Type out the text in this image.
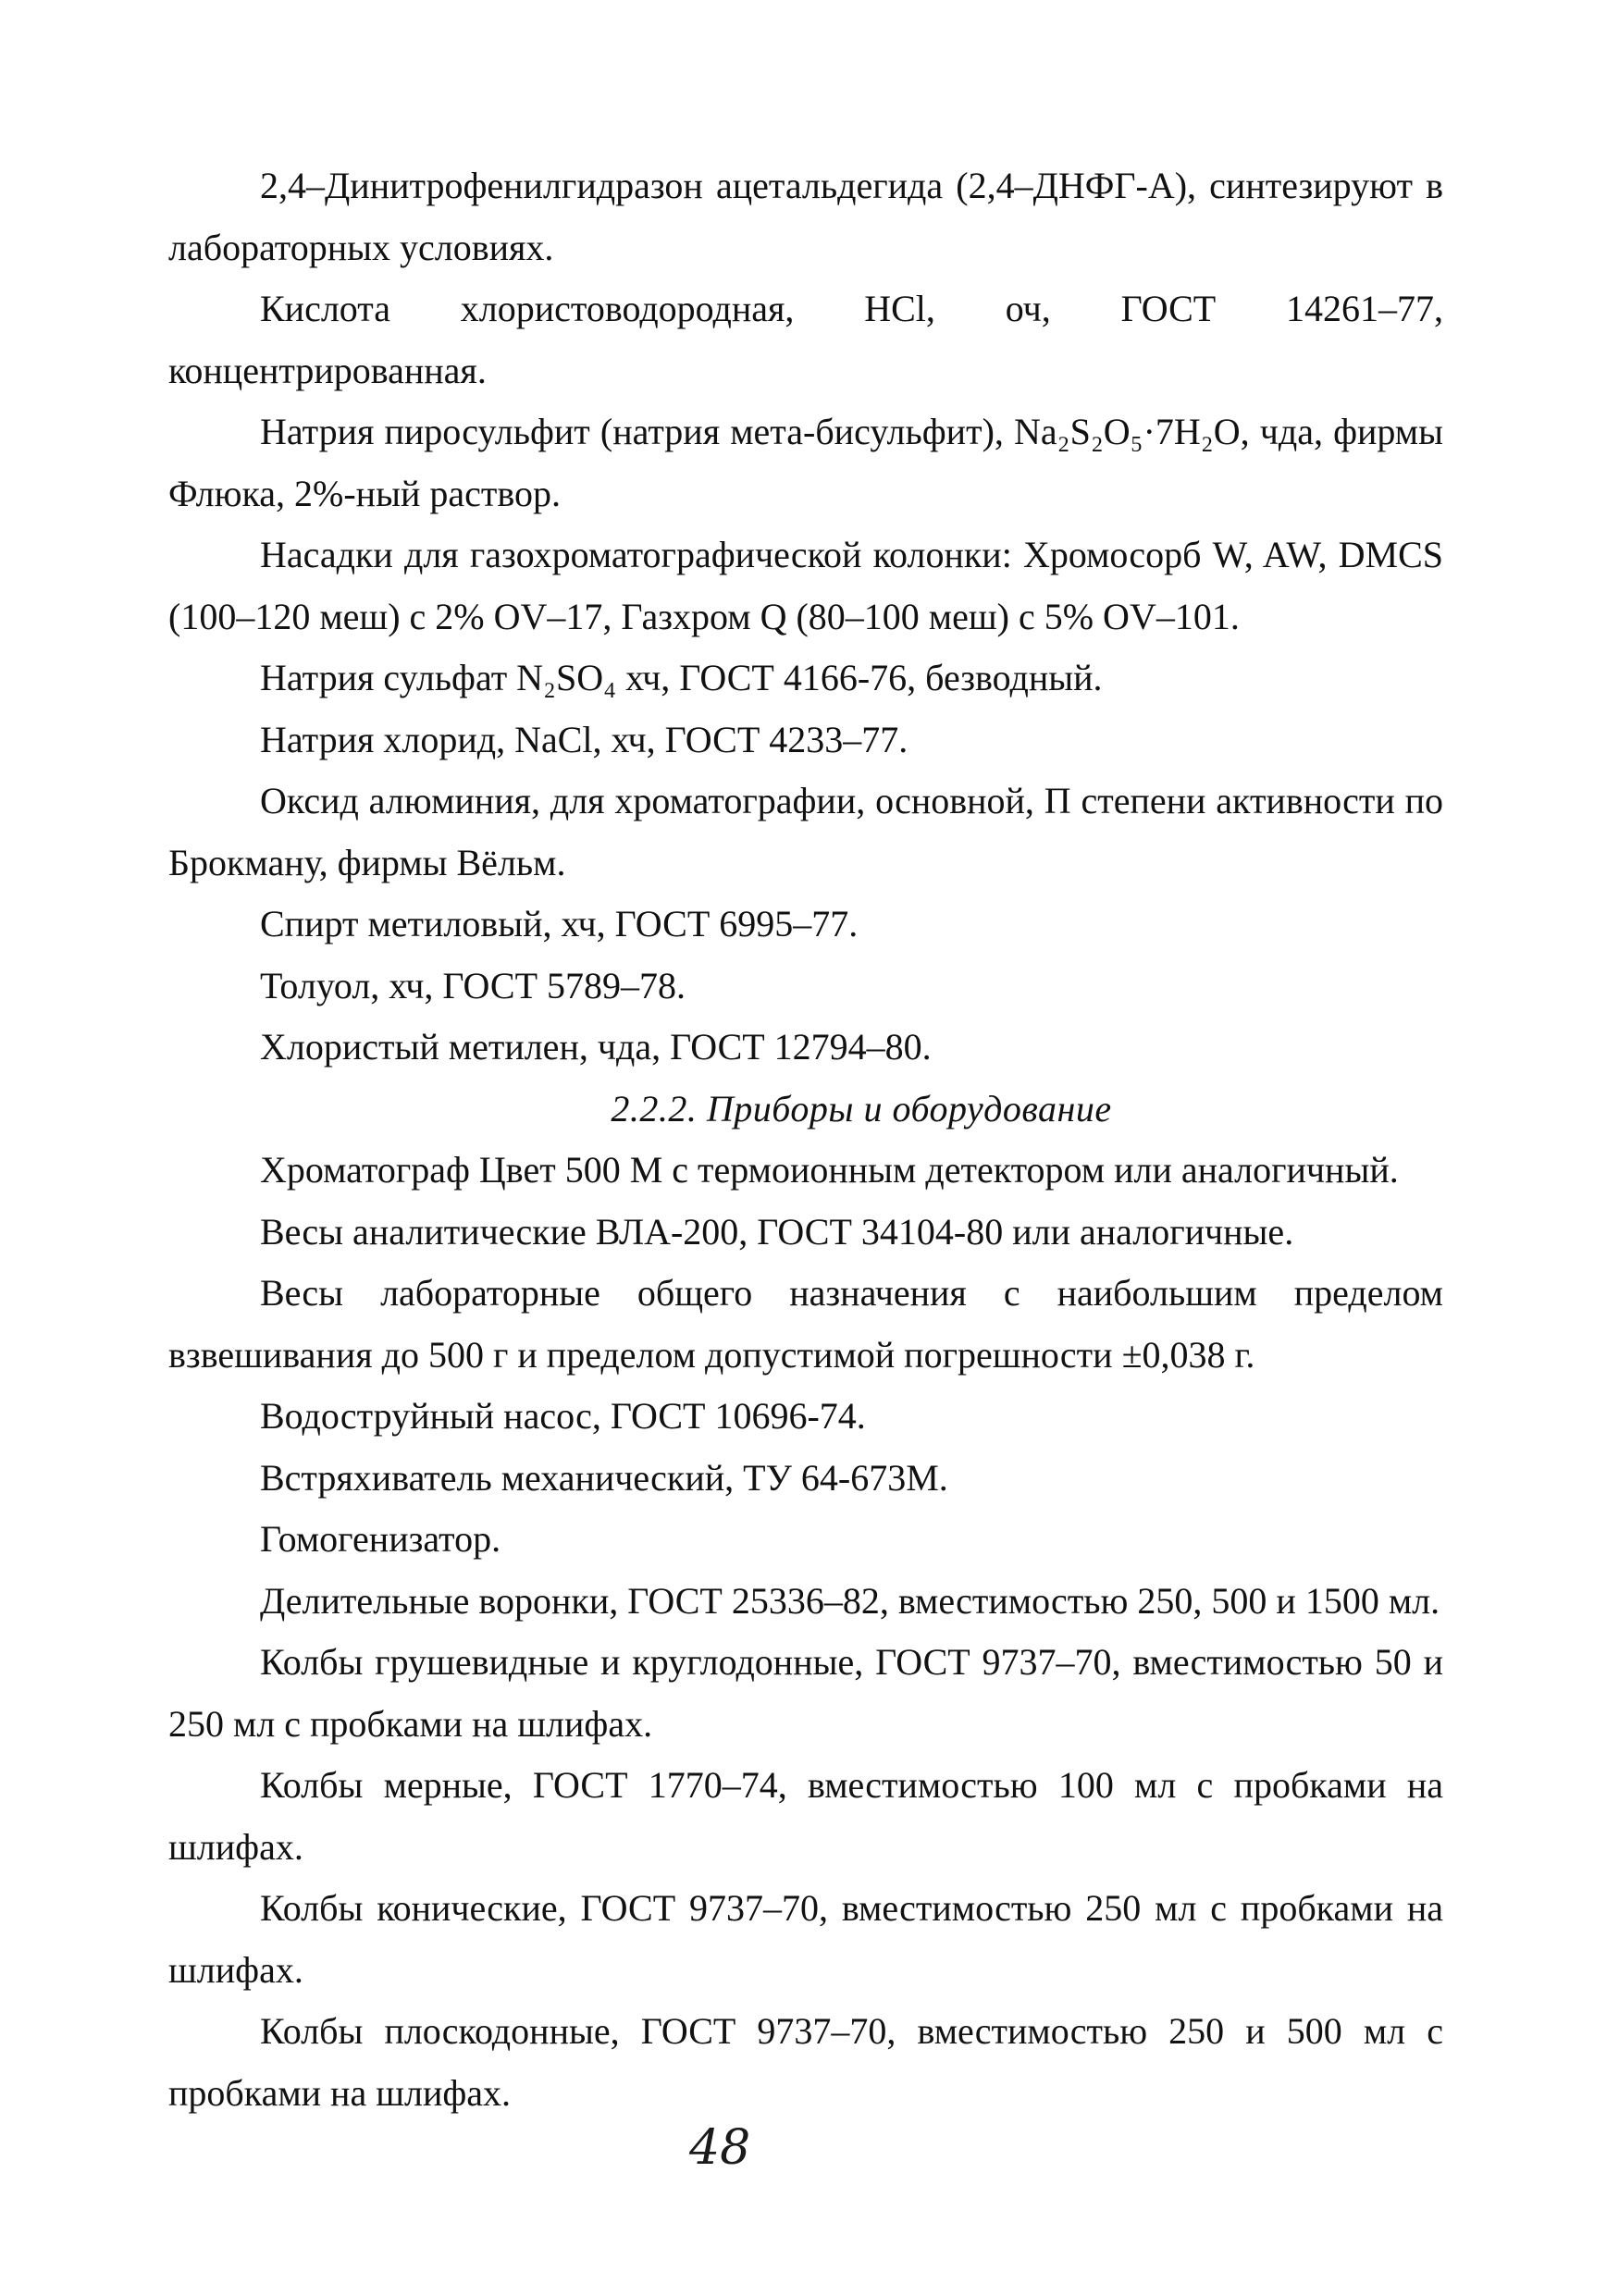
2,4–Динитрофенилгидразон ацетальдегида (2,4–ДНФГ-А), синтезируют в лабораторных условиях.

Кислота хлористоводородная, HCl, оч, ГОСТ 14261–77, концентрированная.

Натрия пиросульфит (натрия мета-бисульфит), Na₂S₂O₅·7H₂O, чда, фирмы Флюка, 2%-ный раствор.

Насадки для газохроматографической колонки: Хромосорб W, AW, DMCS (100–120 меш) с 2% OV–17, Газхром Q (80–100 меш) с 5% OV–101.

Натрия сульфат N₂SO₄ хч, ГОСТ 4166-76, безводный.

Натрия хлорид, NaCl, хч, ГОСТ 4233–77.

Оксид алюминия, для хроматографии, основной, П степени активности по Брокману, фирмы Вёльм.

Спирт метиловый, хч, ГОСТ 6995–77.

Толуол, хч, ГОСТ 5789–78.

Хлористый метилен, чда, ГОСТ 12794–80.

2.2.2. Приборы и оборудование

Хроматограф Цвет 500 М с термоионным детектором или аналогичный.

Весы аналитические ВЛА-200, ГОСТ 34104-80 или аналогичные.

Весы лабораторные общего назначения с наибольшим пределом взвешивания до 500 г и пределом допустимой погрешности ±0,038 г.

Водоструйный насос, ГОСТ 10696-74.

Встряхиватель механический, ТУ 64-673М.

Гомогенизатор.

Делительные воронки, ГОСТ 25336–82, вместимостью 250, 500 и 1500 мл.

Колбы грушевидные и круглодонные, ГОСТ 9737–70, вместимостью 50 и 250 мл с пробками на шлифах.

Колбы мерные, ГОСТ 1770–74, вместимостью 100 мл с пробками на шлифах.

Колбы конические, ГОСТ 9737–70, вместимостью 250 мл с пробками на шлифах.

Колбы плоскодонные, ГОСТ 9737–70, вместимостью 250 и 500 мл с пробками на шлифах.

48
